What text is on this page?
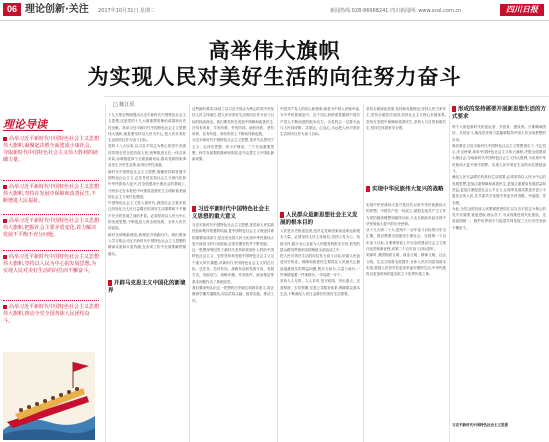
06 理论创新·关注 2017年10月31日 星期二	新闻热线:028-86968241 四川新闻网: www.scol.com.cn	四川日报
高举伟大旗帜
为实现人民对美好生活的向往努力奋斗
□ 陈江乐
理论导读
高举习近平新时代中国特色社会主义思想伟大旗帜,凝聚起决胜全面建成小康社会、夺取新时代中国特色社会主义伟大胜利的磅礴力量。
高举习近平新时代中国特色社会主义思想伟大旗帜,坚持在发展中保障和改善民生,不断增进人民福祉。
高举习近平新时代中国特色社会主义思想伟大旗帜,把握社会主要矛盾变化,着力解决发展不平衡不充分问题。
高举习近平新时代中国特色社会主义思想伟大旗帜,坚持以人民为中心的发展思想,为实现人民对美好生活的向往而不懈奋斗。
高举习近平新时代中国特色社会主义思想伟大旗帜,推动全党全国各族人民团结奋斗。
十九大报告鲜明提出习近平新时代中国特色社会主义思想,这是党的十九大最重要的理论成果和历史性贡献。高举习近平新时代中国特色社会主义思想伟大旗帜,就是要坚持以人民为中心,把人民对美好生活的向往作为奋斗目标。
党的十八大以来,以习近平同志为核心的党中央团结带领全党全国各族人民,统筹推进五位一体总体布局,协调推进四个全面战略布局,推动党和国家事业发生历史性变革,取得历史性成就。
新时代中国特色社会主义思想,明确坚持和发展中国特色社会主义,总任务是实现社会主义现代化和中华民族伟大复兴,在全面建成小康社会的基础上,分两步走在本世纪中叶建成富强民主文明和谐美丽的社会主义现代化强国。
中国特色社会主义进入新时代,我国社会主要矛盾已经转化为人民日益增长的美好生活需要和不平衡不充分的发展之间的矛盾。必须坚持以人民为中心的发展思想,不断促进人的全面发展、全体人民共同富裕。
新时代呼唤新理论,新理论引领新时代。我们要深入学习领会习近平新时代中国特色社会主义思想的精神实质和丰富内涵,在各项工作中全面准确贯彻落实。
这些新的要求,体现了以习近平同志为核心的党中央坚持人民主体地位,把人民对美好生活的向往作为奋斗目标的执政理念。我们要坚持在发展中保障和改善民生,在幼有所育、学有所教、劳有所得、病有所医、老有所养、住有所居、弱有所扶上不断取得新进展。
习近平新时代中国特色社会主义思想,是对马克思列宁主义、毛泽东思想、邓小平理论、三个代表重要思想、科学发展观的继承和发展,是马克思主义中国化最新成果。
习近平新时代中国特色社会主义思想的重大意义
习近平新时代中国特色社会主义思想,是党和人民实践经验和集体智慧的结晶,是中国特色社会主义理论体系的重要组成部分,是全党全国人民为实现中华民族伟大复兴而奋斗的行动指南,必须长期坚持并不断发展。
这一思想深刻回答了新时代坚持和发展什么样的中国特色社会主义、怎样坚持和发展中国特色社会主义这个重大时代课题,对新时代中国特色社会主义的总目标、总任务、总体布局、战略布局和发展方向、发展方式、发展动力、战略步骤、外部条件、政治保证等基本问题作出了系统回答。
我们要深刻认识这一思想的历史地位和指导意义,真正做到学懂弄通做实,用以武装头脑、指导实践、推动工作。
开辟马克思主义中国化的新境界
中国共产党人的初心和使命,就是为中国人民谋幸福,为中华民族谋复兴。这个初心和使命是激励中国共产党人不断前进的根本动力。全党同志一定要永远与人民同呼吸、共命运、心连心,永远把人民对美好生活的向往作为奋斗目标。
人民群众是新思想社会主义发展的根本目的
人民是历史的创造者,是决定党和国家前途命运的根本力量。必须坚持人民主体地位,坚持立党为公、执政为民,践行全心全意为人民服务的根本宗旨,把党的群众路线贯彻到治国理政全部活动之中。
把人民对美好生活的向往作为奋斗目标,依靠人民创造历史伟业。保障和改善民生要抓住人民最关心最直接最现实的利益问题,既尽力而为,又量力而行,一件事情接着一件事情办,一年接着一年干。
坚持人人尽责、人人享有,坚守底线、突出重点、完善制度、引导预期,完善公共服务体系,保障群众基本生活,不断满足人民日益增长的美好生活需要。
坚持全面深化改革,坚持新发展理念,坚持人民当家作主,坚持全面依法治国,坚持社会主义核心价值体系,坚持在发展中保障和改善民生,坚持人与自然和谐共生,坚持总体国家安全观。
实现中华民族伟大复兴的战略
实现中华民族伟大复兴是近代以来中华民族最伟大的梦想。中国共产党一经成立,就把实现共产主义作为党的最高理想和最终目标,义无反顾肩负起实现中华民族伟大复兴的历史使命。
从十九大到二十大,是两个一百年奋斗目标的历史交汇期。我们既要全面建成小康社会、实现第一个百年奋斗目标,又要乘势而上开启全面建设社会主义现代化国家新征程,向第二个百年奋斗目标进军。
到那时,我国物质文明、政治文明、精神文明、社会文明、生态文明将全面提升,全体人民共同富裕基本实现,我国人民将享有更加幸福安康的生活,中华民族将以更加昂扬的姿态屹立于世界民族之林。
形成的坚持需要开展新思想生活的方式要求
每个人都是新时代的见证者、开创者、建设者。只要精诚团结、共同奋斗,就没有任何力量能够阻挡中国人民实现梦想的步伐。
我们要在习近平新时代中国特色社会主义思想指引下,不忘初心,牢记使命,高举中国特色社会主义伟大旗帜,决胜全面建成小康社会,夺取新时代中国特色社会主义伟大胜利,为实现中华民族伟大复兴的中国梦、实现人民对美好生活的向往继续奋斗。
满足人民日益增长的美好生活需要,必须坚持以人民为中心的发展思想,更加注重保障和改善民生,更加注重提高发展质量和效益,更加注重促进社会公平正义,让改革发展成果更多更公平惠及全体人民,在共建共享发展中有更多获得感、幸福感、安全感。
为此,全党全国各族人民要紧密团结在以习近平同志为核心的党中央周围,锐意进取,埋头苦干,为实现推进现代化建设、完成祖国统一、维护世界和平与促进共同发展三大历史任务而不懈奋斗。
习近平新时代中国特色社会主义思想
